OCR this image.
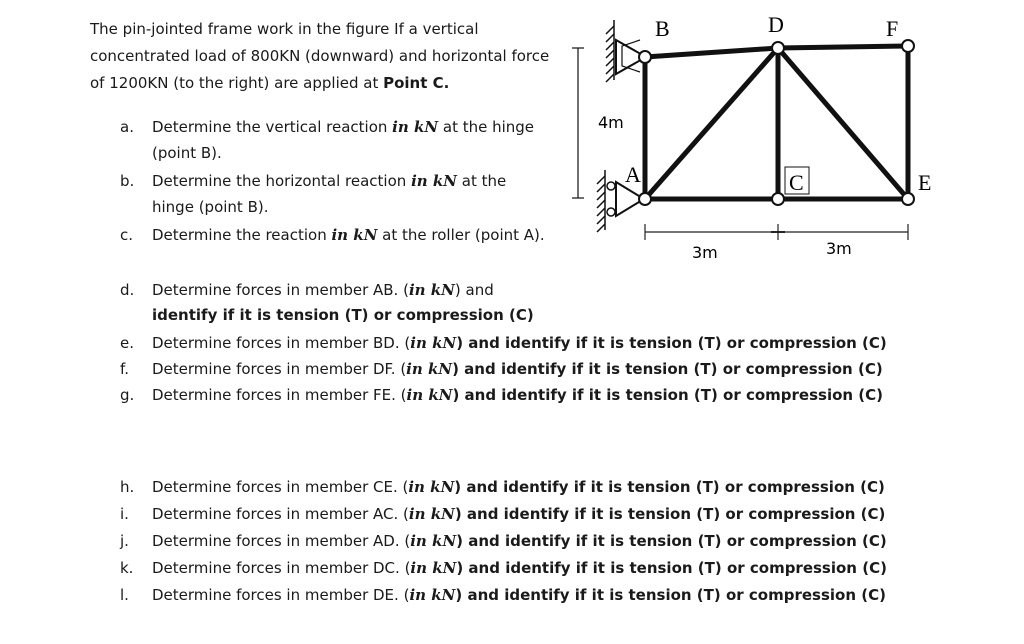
The pin-jointed frame work in the figure If a vertical concentrated load of 800KN (downward) and horizontal force of 1200KN (to the right) are applied at Point C.
a.	Determine the vertical reaction in kN at the hinge (point B).
b.	Determine the horizontal reaction in kN at the hinge (point B).
c.	Determine the reaction in kN at the roller (point A).
d.	Determine forces in member AB. (in kN) and
identify if it is tension (T) or compression (C)
e.	Determine forces in member BD. (in kN) and identify if it is tension (T) or compression (C)
f.	Determine forces in member DF. (in kN) and identify if it is tension (T) or compression (C)
g.	Determine forces in member FE. (in kN) and identify if it is tension (T) or compression (C)
h.	Determine forces in member CE. (in kN) and identify if it is tension (T) or compression (C)
i.	Determine forces in member AC. (in kN) and identify if it is tension (T) or compression (C)
j.	Determine forces in member AD. (in kN) and identify if it is tension (T) or compression (C)
k.	Determine forces in member DC. (in kN) and identify if it is tension (T) or compression (C)
l.	Determine forces in member DE. (in kN) and identify if it is tension (T) or compression (C)
4m
B	D	F
A	C	E
3m	3m
